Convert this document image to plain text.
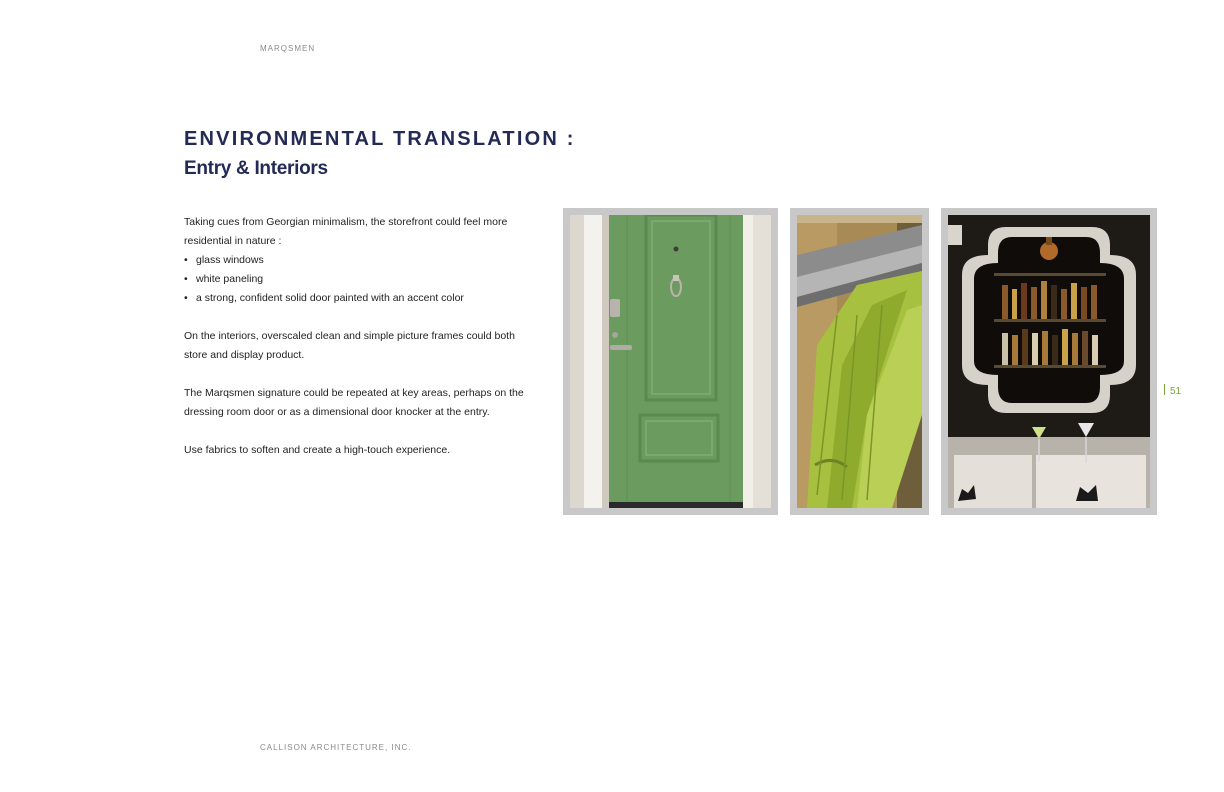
MARQSMEN
ENVIRONMENTAL TRANSLATION :
Entry & Interiors
Taking cues from Georgian minimalism, the storefront could feel more residential in nature :
• glass windows
• white paneling
• a strong, confident solid door painted with an accent color

On the interiors, overscaled clean and simple picture frames could both store and display product.

The Marqsmen signature could be repeated at key areas, perhaps on the dressing room door or as a dimensional door knocker at the entry.

Use fabrics to soften and create a high-touch experience.

51
CALLISON ARCHITECTURE, INC.
